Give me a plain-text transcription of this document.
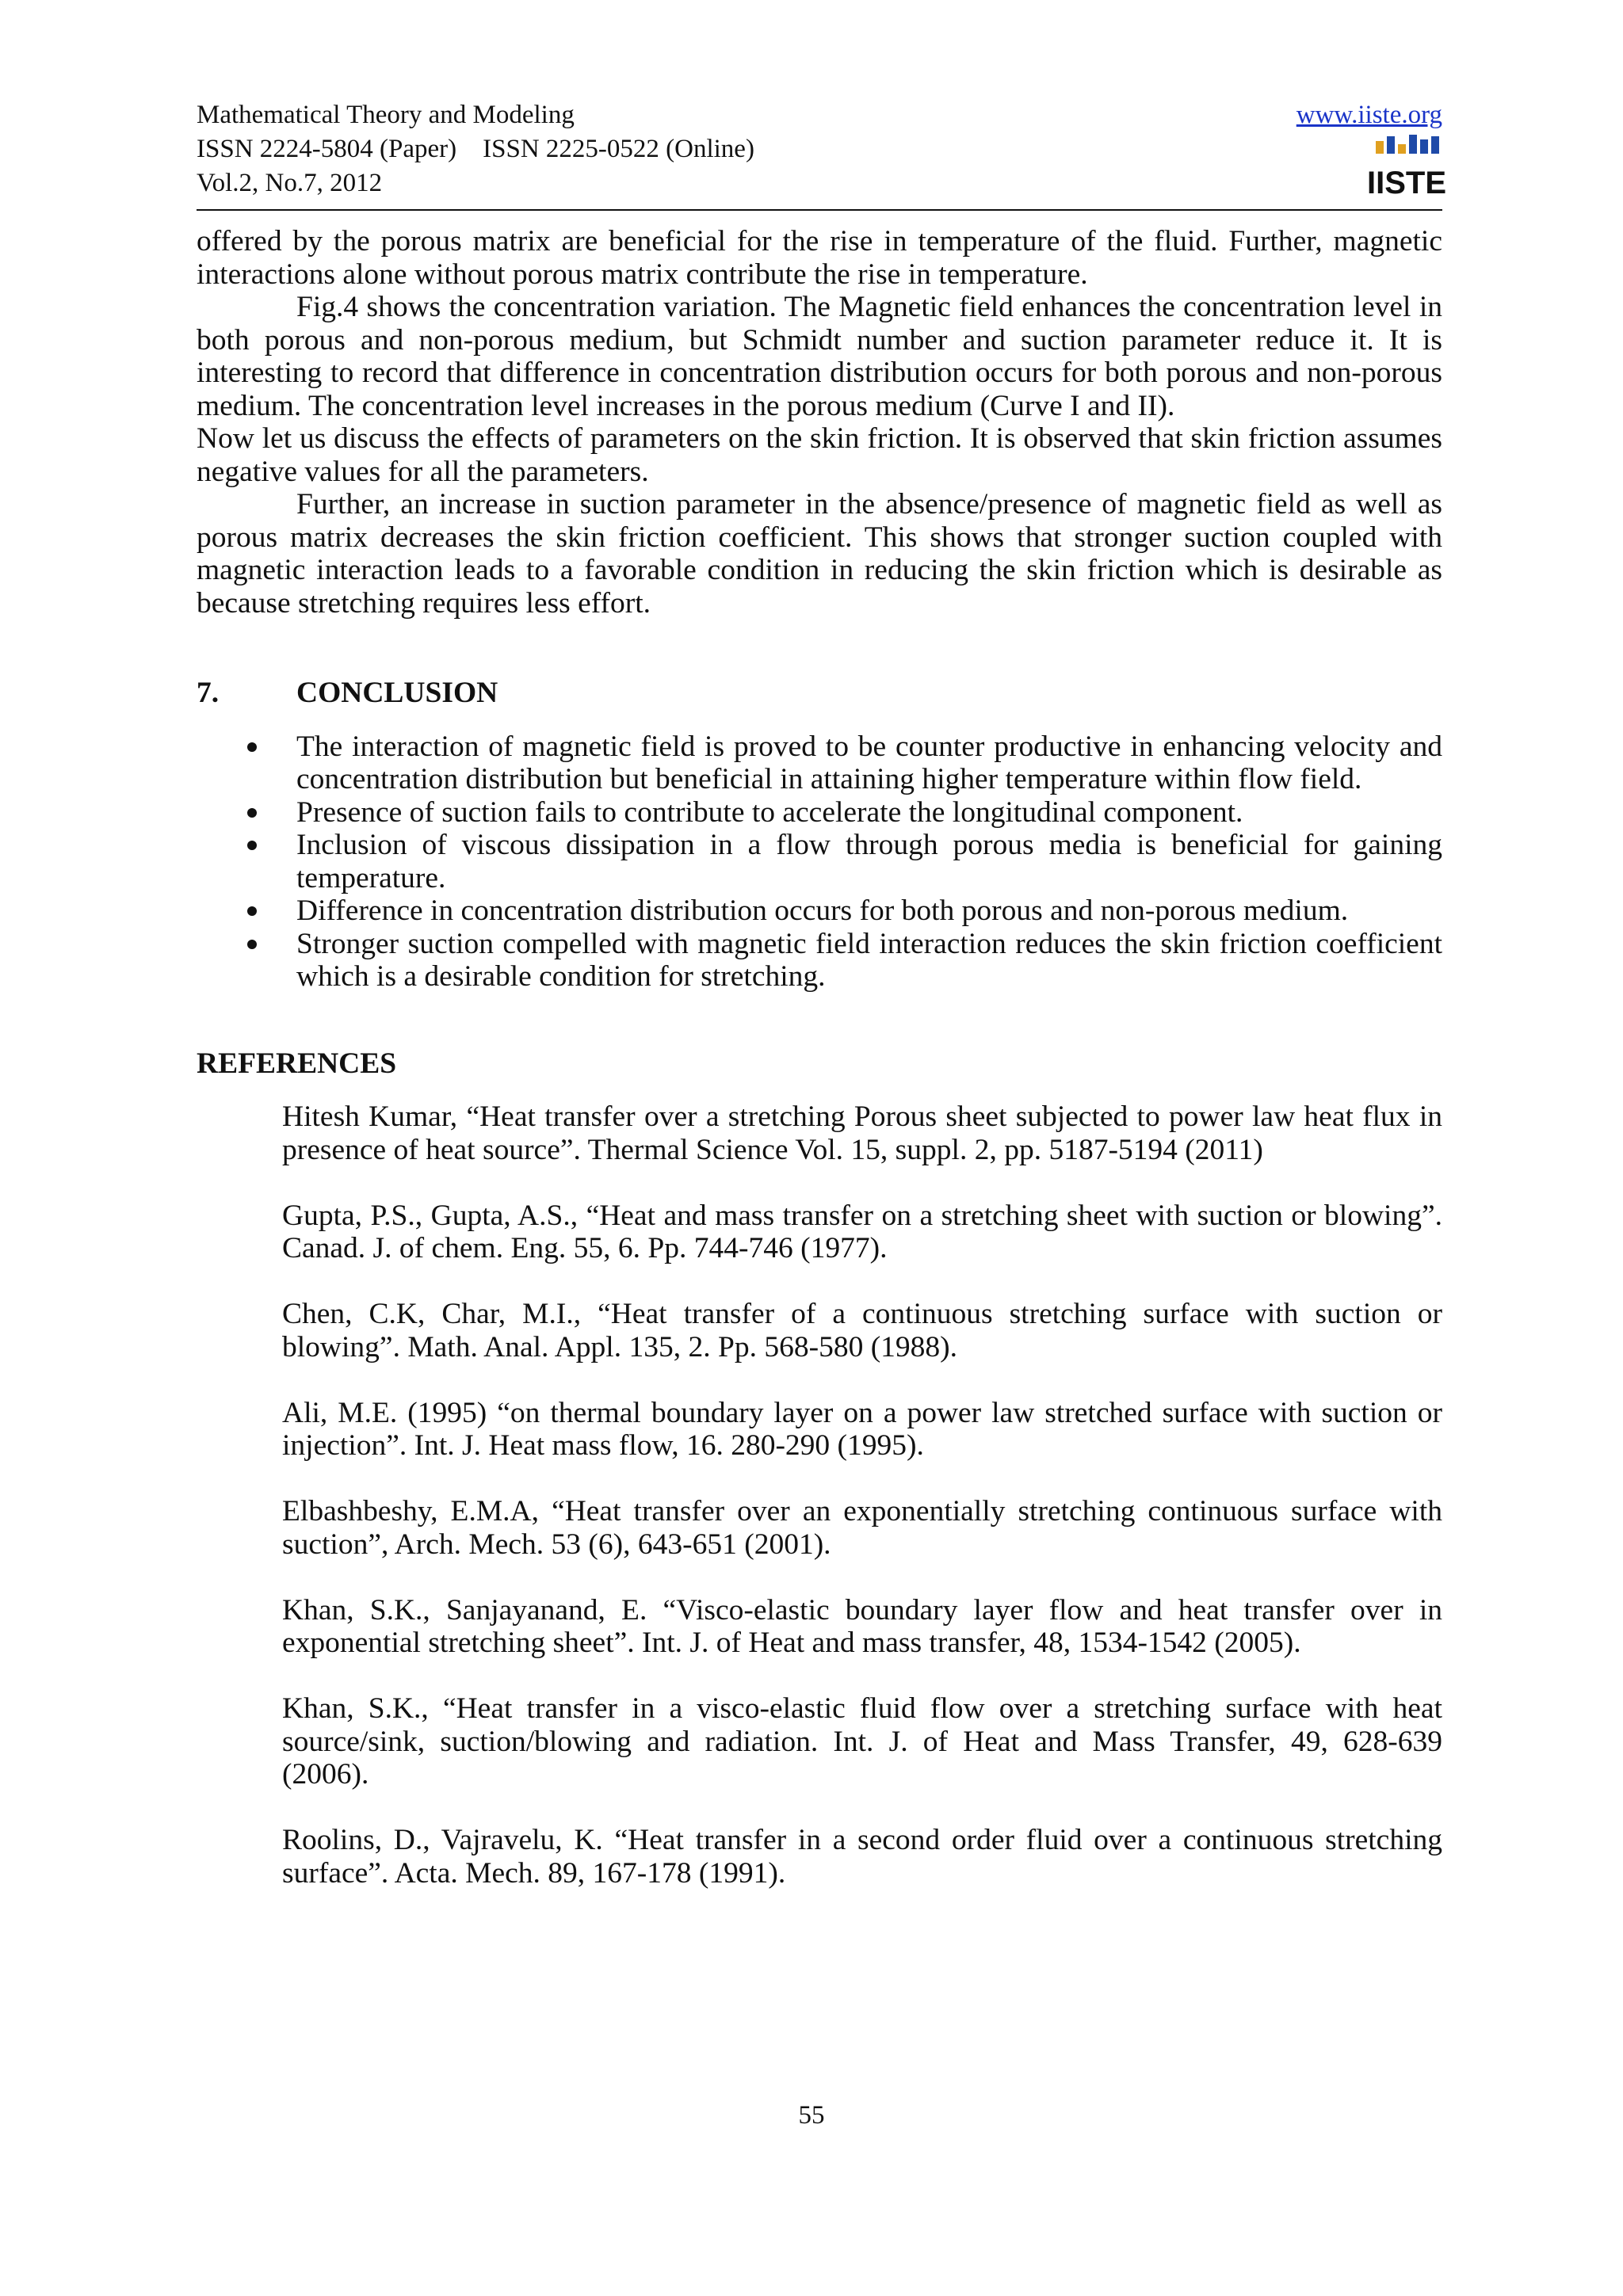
Mathematical Theory and Modeling
ISSN 2224-5804 (Paper)    ISSN 2225-0522 (Online)
Vol.2, No.7, 2012
www.iiste.org
IISTE

offered by the porous matrix are beneficial for the rise in temperature of the fluid. Further, magnetic interactions alone without porous matrix contribute the rise in temperature.

Fig.4 shows the concentration variation. The Magnetic field enhances the concentration level in both porous and non-porous medium, but Schmidt number and suction parameter reduce it. It is interesting to record that difference in concentration distribution occurs for both porous and non-porous medium. The concentration level increases in the porous medium (Curve I and II).

Now let us discuss the effects of parameters on the skin friction. It is observed that skin friction assumes negative values for all the parameters.

Further, an increase in suction parameter in the absence/presence of magnetic field as well as porous matrix decreases the skin friction coefficient. This shows that stronger suction coupled with magnetic interaction leads to a favorable condition in reducing the skin friction which is desirable as because stretching requires less effort.

7.	CONCLUSION
The interaction of magnetic field is proved to be counter productive in enhancing velocity and concentration distribution but beneficial in attaining higher temperature within flow field.
Presence of suction fails to contribute to accelerate the longitudinal component.
Inclusion of viscous dissipation in a flow through porous media is beneficial for gaining temperature.
Difference in concentration distribution occurs for both porous and non-porous medium.
Stronger suction compelled with magnetic field interaction reduces the skin friction coefficient which is a desirable condition for stretching.
REFERENCES
Hitesh Kumar, “Heat transfer over a stretching Porous sheet subjected to power law heat flux in presence of heat source”. Thermal Science Vol. 15, suppl. 2, pp. 5187-5194 (2011)
Gupta, P.S., Gupta, A.S., “Heat and mass transfer on a stretching sheet with suction or blowing”. Canad. J. of chem. Eng. 55, 6. Pp. 744-746 (1977).
Chen, C.K, Char, M.I., “Heat transfer of a continuous stretching surface with suction or blowing”. Math. Anal. Appl. 135, 2. Pp. 568-580 (1988).
Ali, M.E. (1995) “on thermal boundary layer on a power law stretched surface with suction or injection”. Int. J. Heat mass flow, 16. 280-290 (1995).
Elbashbeshy, E.M.A, “Heat transfer over an exponentially stretching continuous surface with suction”, Arch. Mech. 53 (6), 643-651 (2001).
Khan, S.K., Sanjayanand, E. “Visco-elastic boundary layer flow and heat transfer over in exponential stretching sheet”. Int. J. of Heat and mass transfer, 48, 1534-1542 (2005).
Khan, S.K., “Heat transfer in a visco-elastic fluid flow over a stretching surface with heat source/sink, suction/blowing and radiation. Int. J. of Heat and Mass Transfer, 49, 628-639 (2006).
Roolins, D., Vajravelu, K. “Heat transfer in a second order fluid over a continuous stretching surface”. Acta. Mech. 89, 167-178 (1991).
55
